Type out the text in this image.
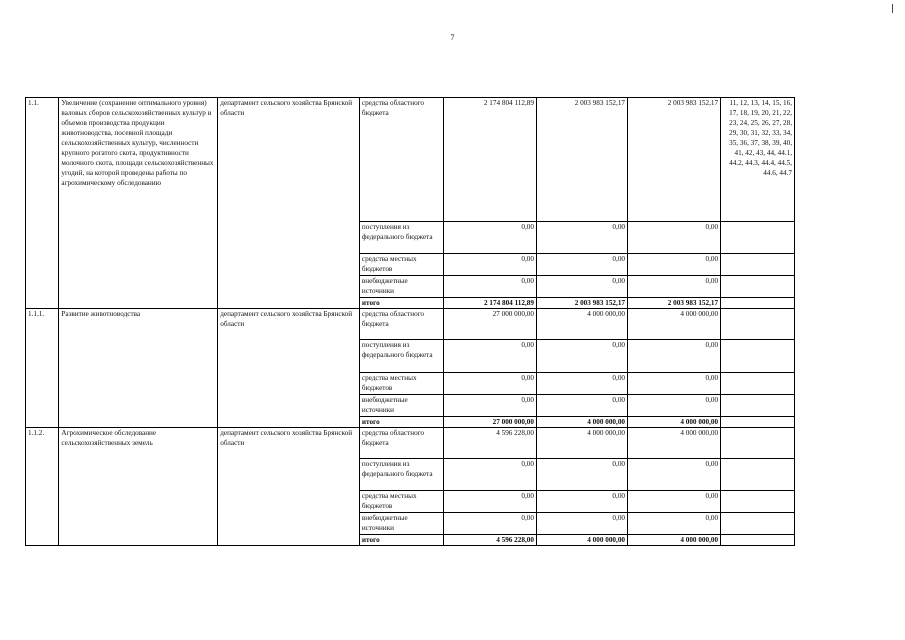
7
1.1.	Увеличение (сохранение оптимального уровня) валовых сборов сельскохозяйственных культур и объемов производства продукции животноводства, посевной площади сельскохозяйственных культур, численности крупного рогатого скота, продуктивности молочного скота, площади сельскохозяйственных угодий, на которой проведены работы по агрохимическому обследованию	департамент сельского хозяйства Брянской области	средства областного бюджета	2 174 804 112,89	2 003 983 152,17	2 003 983 152,17	11, 12, 13, 14, 15, 16, 17, 18, 19, 20, 21, 22, 23, 24, 25, 26, 27, 28, 29, 30, 31, 32, 33, 34, 35, 36, 37, 38, 39, 40, 41, 42, 43, 44, 44.1, 44.2, 44.3, 44.4, 44.5, 44.6, 44.7
			поступления из федерального бюджета	0,00	0,00	0,00	
			средства местных бюджетов	0,00	0,00	0,00	
			внебюджетные источники	0,00	0,00	0,00	
			итого	2 174 804 112,89	2 003 983 152,17	2 003 983 152,17	
1.1.1.	Развитие животноводства	департамент сельского хозяйства Брянской области	средства областного бюджета	27 000 000,00	4 000 000,00	4 000 000,00	
			поступления из федерального бюджета	0,00	0,00	0,00	
			средства местных бюджетов	0,00	0,00	0,00	
			внебюджетные источники	0,00	0,00	0,00	
			итого	27 000 000,00	4 000 000,00	4 000 000,00	
1.1.2.	Агрохимическое обследование сельскохозяйственных земель	департамент сельского хозяйства Брянской области	средства областного бюджета	4 596 228,00	4 000 000,00	4 000 000,00	
			поступления из федерального бюджета	0,00	0,00	0,00	
			средства местных бюджетов	0,00	0,00	0,00	
			внебюджетные источники	0,00	0,00	0,00	
			итого	4 596 228,00	4 000 000,00	4 000 000,00	
